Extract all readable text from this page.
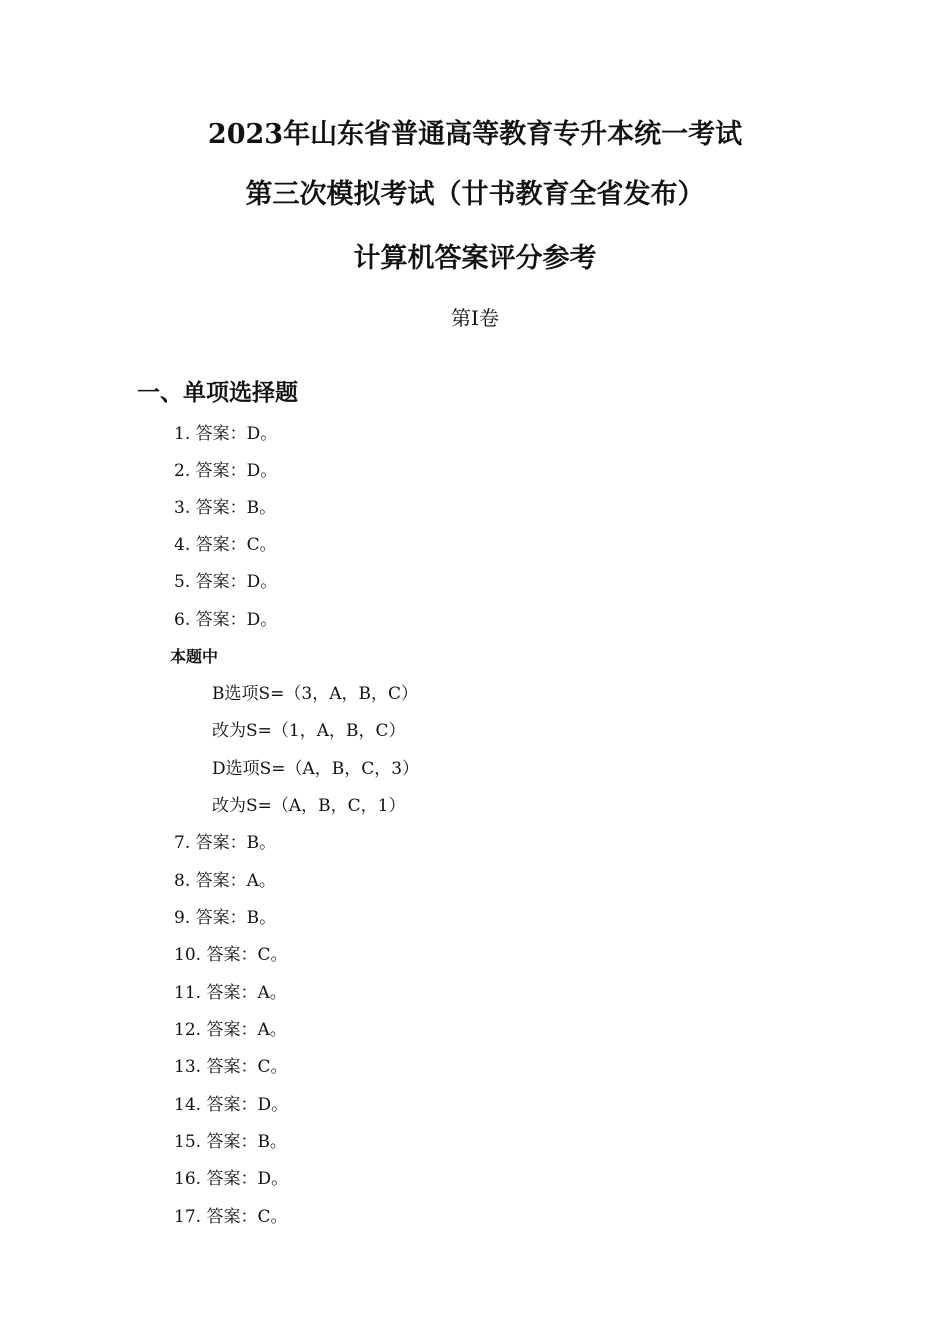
2023年山东省普通高等教育专升本统一考试
第三次模拟考试（廿书教育全省发布）
计算机答案评分参考
第I卷
一、单项选择题
1. 答案：D。
2. 答案：D。
3. 答案：B。
4. 答案：C。
5. 答案：D。
6. 答案：D。
本题中
B选项S=（3，A，B，C）
改为S=（1，A，B，C）
D选项S=（A，B，C，3）
改为S=（A，B，C，1）
7. 答案：B。
8. 答案：A。
9. 答案：B。
10. 答案：C。
11. 答案：A。
12. 答案：A。
13. 答案：C。
14. 答案：D。
15. 答案：B。
16. 答案：D。
17. 答案：C。
